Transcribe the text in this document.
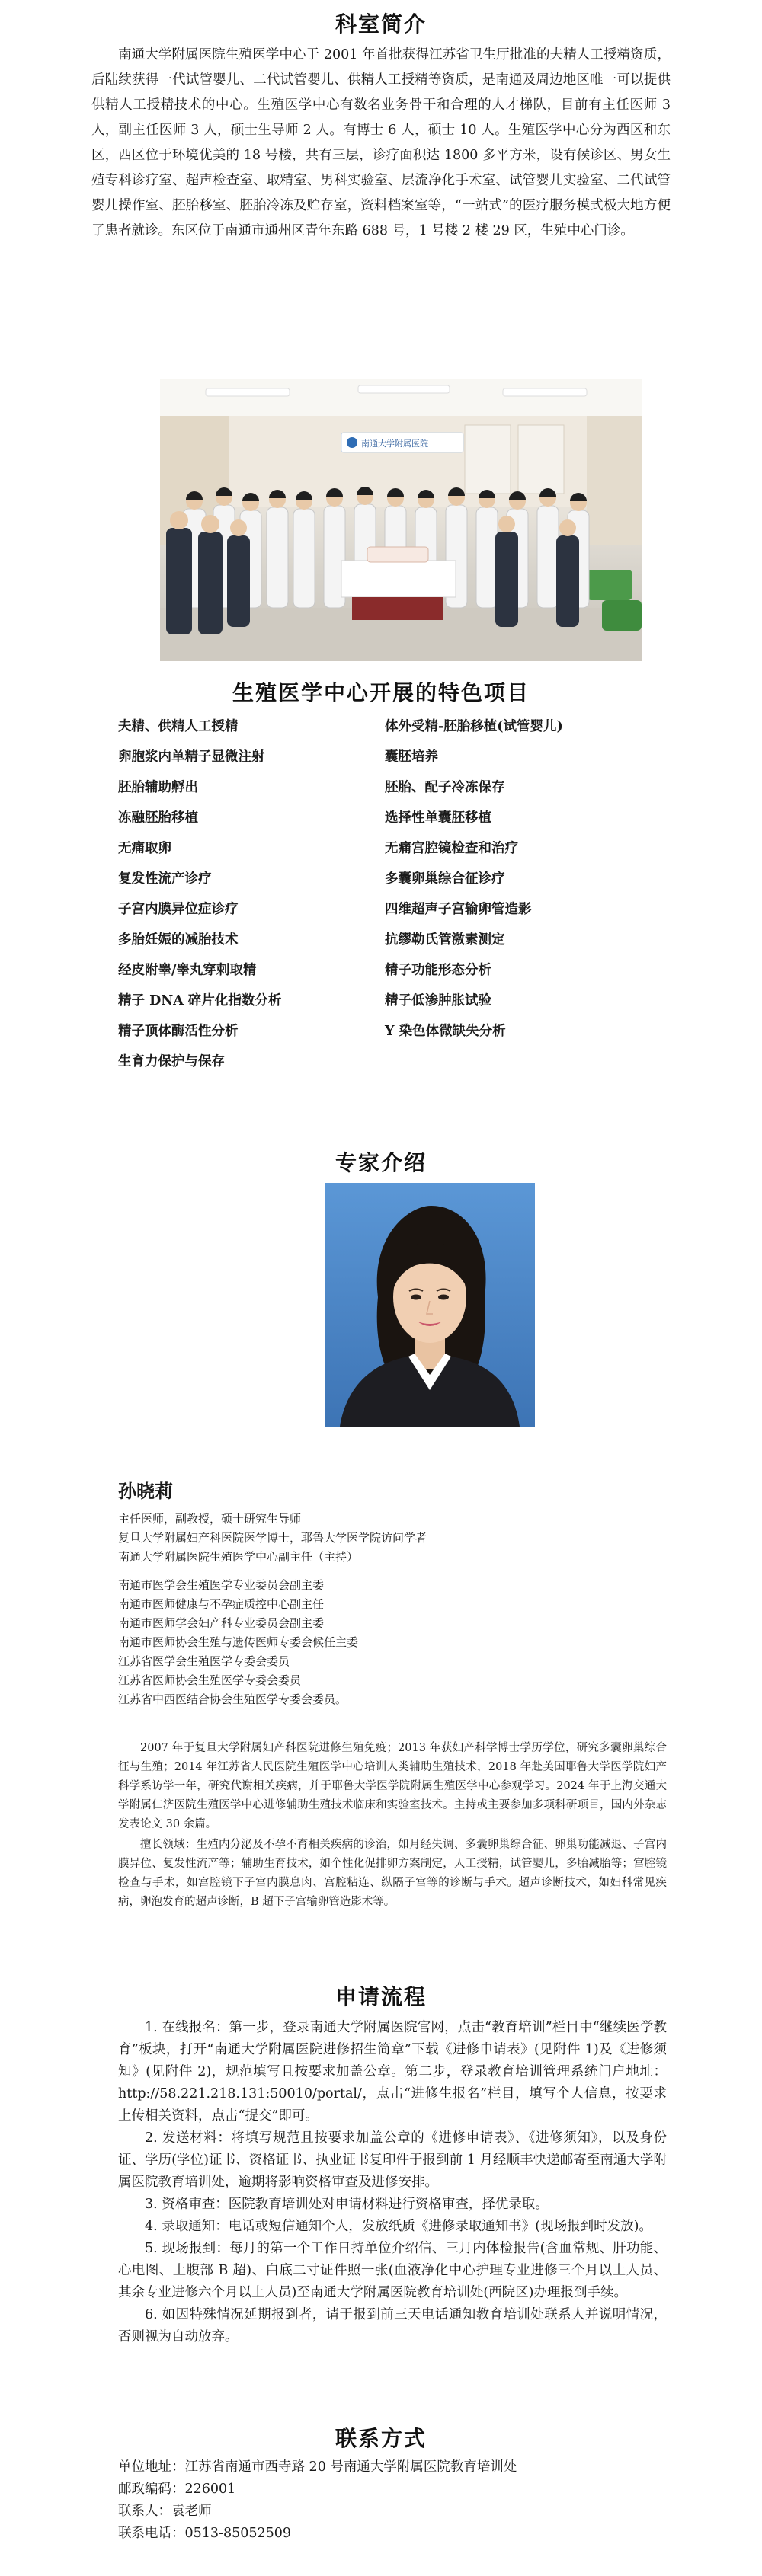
科室简介
南通大学附属医院生殖医学中心于 2001 年首批获得江苏省卫生厅批准的夫精人工授精资质，后陆续获得一代试管婴儿、二代试管婴儿、供精人工授精等资质，是南通及周边地区唯一可以提供供精人工授精技术的中心。生殖医学中心有数名业务骨干和合理的人才梯队，目前有主任医师 3 人，副主任医师 3 人，硕士生导师 2 人。有博士 6 人，硕士 10 人。生殖医学中心分为西区和东区，西区位于环境优美的 18 号楼，共有三层，诊疗面积达 1800 多平方米，设有候诊区、男女生殖专科诊疗室、超声检查室、取精室、男科实验室、层流净化手术室、试管婴儿实验室、二代试管婴儿操作室、胚胎移室、胚胎冷冻及贮存室，资料档案室等，“一站式”的医疗服务模式极大地方便了患者就诊。东区位于南通市通州区青年东路 688 号，1 号楼 2 楼 29 区，生殖中心门诊。
南通大学附属医院
生殖医学中心开展的特色项目
夫精、供精人工授精	体外受精-胚胎移植(试管婴儿)
卵胞浆内单精子显微注射	囊胚培养
胚胎辅助孵出	胚胎、配子冷冻保存
冻融胚胎移植	选择性单囊胚移植
无痛取卵	无痛宫腔镜检查和治疗
复发性流产诊疗	多囊卵巢综合征诊疗
子宫内膜异位症诊疗	四维超声子宫输卵管造影
多胎妊娠的减胎技术	抗缪勒氏管激素测定
经皮附睾/睾丸穿刺取精	精子功能形态分析
精子 DNA 碎片化指数分析	精子低渗肿胀试验
精子顶体酶活性分析	Y 染色体微缺失分析
生育力保护与保存
专家介绍
孙晓莉
主任医师，副教授，硕士研究生导师
复旦大学附属妇产科医院医学博士，耶鲁大学医学院访问学者
南通大学附属医院生殖医学中心副主任（主持）
南通市医学会生殖医学专业委员会副主委
南通市医师健康与不孕症质控中心副主任
南通市医师学会妇产科专业委员会副主委
南通市医师协会生殖与遗传医师专委会候任主委
江苏省医学会生殖医学专委会委员
江苏省医师协会生殖医学专委会委员
江苏省中西医结合协会生殖医学专委会委员。
2007 年于复旦大学附属妇产科医院进修生殖免疫；2013 年获妇产科学博士学历学位，研究多囊卵巢综合征与生殖；2014 年江苏省人民医院生殖医学中心培训人类辅助生殖技术，2018 年赴美国耶鲁大学医学院妇产科学系访学一年，研究代谢相关疾病，并于耶鲁大学医学院附属生殖医学中心参观学习。2024 年于上海交通大学附属仁济医院生殖医学中心进修辅助生殖技术临床和实验室技术。主持或主要参加多项科研项目，国内外杂志发表论文 30 余篇。
擅长领域：生殖内分泌及不孕不育相关疾病的诊治，如月经失调、多囊卵巢综合征、卵巢功能减退、子宫内膜异位、复发性流产等；辅助生育技术，如个性化促排卵方案制定，人工授精，试管婴儿，多胎减胎等；宫腔镜检查与手术，如宫腔镜下子宫内膜息肉、宫腔粘连、纵隔子宫等的诊断与手术。超声诊断技术，如妇科常见疾病，卵泡发育的超声诊断，B 超下子宫输卵管造影术等。
申请流程
1. 在线报名：第一步，登录南通大学附属医院官网，点击“教育培训”栏目中“继续医学教育”板块，打开“南通大学附属医院进修招生简章”下载《进修申请表》(见附件 1)及《进修须知》(见附件 2)，规范填写且按要求加盖公章。第二步，登录教育培训管理系统门户地址：http://58.221.218.131:50010/portal/，点击“进修生报名”栏目，填写个人信息，按要求上传相关资料，点击“提交”即可。
2. 发送材料：将填写规范且按要求加盖公章的《进修申请表》、《进修须知》，以及身份证、学历(学位)证书、资格证书、执业证书复印件于报到前 1 月经顺丰快递邮寄至南通大学附属医院教育培训处，逾期将影响资格审查及进修安排。
3. 资格审查：医院教育培训处对申请材料进行资格审查，择优录取。
4. 录取通知：电话或短信通知个人，发放纸质《进修录取通知书》(现场报到时发放)。
5. 现场报到：每月的第一个工作日持单位介绍信、三月内体检报告(含血常规、肝功能、心电图、上腹部 B 超)、白底二寸证件照一张(血液净化中心护理专业进修三个月以上人员、其余专业进修六个月以上人员)至南通大学附属医院教育培训处(西院区)办理报到手续。
6. 如因特殊情况延期报到者，请于报到前三天电话通知教育培训处联系人并说明情况，否则视为自动放弃。
联系方式
单位地址：江苏省南通市西寺路 20 号南通大学附属医院教育培训处
邮政编码：226001
联系人：袁老师
联系电话：0513-85052509
